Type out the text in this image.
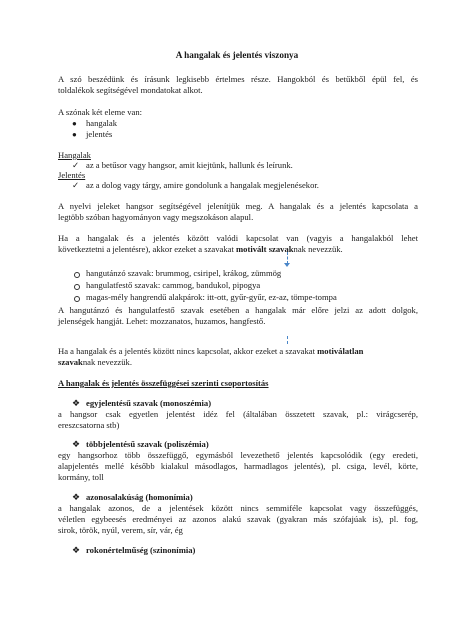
A hangalak és jelentés viszonya
A szó beszédünk és írásunk legkisebb értelmes része. Hangokból és betűkből épül fel, és
toldalékok segítségével mondatokat alkot.
A szónak két eleme van:
● hangalak
● jelentés
Hangalak
✓ az a betűsor vagy hangsor, amit kiejtünk, hallunk és leírunk.
Jelentés
✓ az a dolog vagy tárgy, amire gondolunk a hangalak megjelenésekor.
A nyelvi jeleket hangsor segítségével jelenítjük meg. A hangalak és a jelentés kapcsolata a
legtöbb szóban hagyományon vagy megszokáson alapul.
Ha a hangalak és a jelentés között valódi kapcsolat van (vagyis a hangalakból lehet
következtetni a jelentésre), akkor ezeket a szavakat motivált szavaknak nevezzük.
hangutánzó szavak: brummog, csiripel, krákog, zümmög
hangulatfestő szavak: cammog, bandukol, pipogya
magas-mély hangrendű alakpárok: itt-ott, gyűr-gyűr, ez-az, tömpe-tompa
A hangutánzó és hangulatfestő szavak esetében a hangalak már előre jelzi az adott dolgok,
jelenségek hangját. Lehet: mozzanatos, huzamos, hangfestő.
Ha a hangalak és a jelentés között nincs kapcsolat, akkor ezeket a szavakat motiválatlan
szavaknak nevezzük.
A hangalak és jelentés összefüggései szerinti csoportosítás
❖ egyjelentésű szavak (monoszémia)
a hangsor csak egyetlen jelentést idéz fel (általában összetett szavak, pl.: virágcserép,
ereszcsatorna stb)
❖ többjelentésű szavak (poliszémia)
egy hangsorhoz több összefüggő, egymásból levezethető jelentés kapcsolódik (egy eredeti,
alapjelentés mellé később kialakul másodlagos, harmadlagos jelentés), pl. csiga, levél, körte,
kormány, toll
❖ azonosalakúság (homonímia)
a hangalak azonos, de a jelentések között nincs semmiféle kapcsolat vagy összefüggés,
véletlen egybeesés eredményei az azonos alakú szavak (gyakran más szófajúak is), pl. fog,
sirok, török, nyúl, verem, sír, vár, ég
❖ rokonértelműség (szinonímia)
